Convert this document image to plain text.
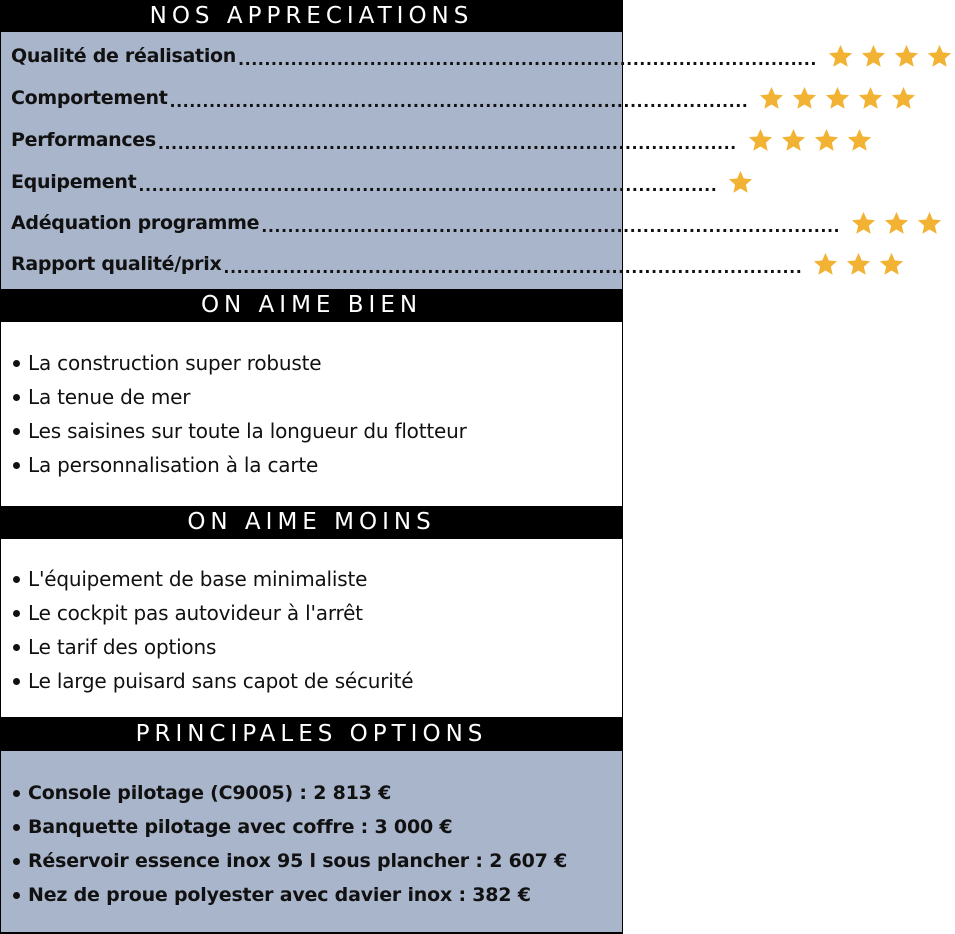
NOS APPRECIATIONS
Qualité de réalisation ........................................................................................
Comportement ........................................................................................
Performances ........................................................................................
Equipement ........................................................................................
Adéquation programme ........................................................................................
Rapport qualité/prix ........................................................................................
ON AIME BIEN
La construction super robuste
La tenue de mer
Les saisines sur toute la longueur du flotteur
La personnalisation à la carte
ON AIME MOINS
L'équipement de base minimaliste
Le cockpit pas autovideur à l'arrêt
Le tarif des options
Le large puisard sans capot de sécurité
PRINCIPALES OPTIONS
Console pilotage (C9005) : 2 813 €
Banquette pilotage avec coffre : 3 000 €
Réservoir essence inox 95 l sous plancher : 2 607 €
Nez de proue polyester avec davier inox : 382 €
